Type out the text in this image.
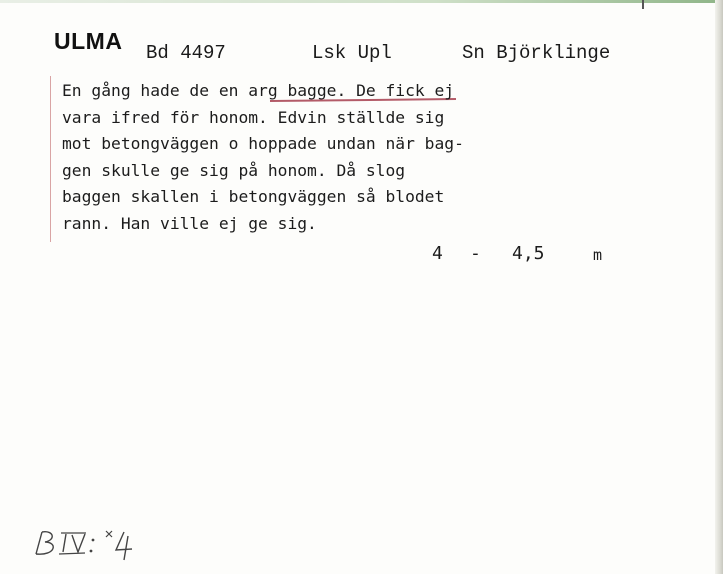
ULMA Bd 4497	Lsk Upl	Sn Björklinge
En gång hade de en arg bagge. De fick ej
vara ifred för honom. Edvin ställde sig
mot betongväggen o hoppade undan när bag-
gen skulle ge sig på honom. Då slog
baggen skallen i betongväggen så blodet
rann. Han ville ej ge sig.
4 - 4,5	m
